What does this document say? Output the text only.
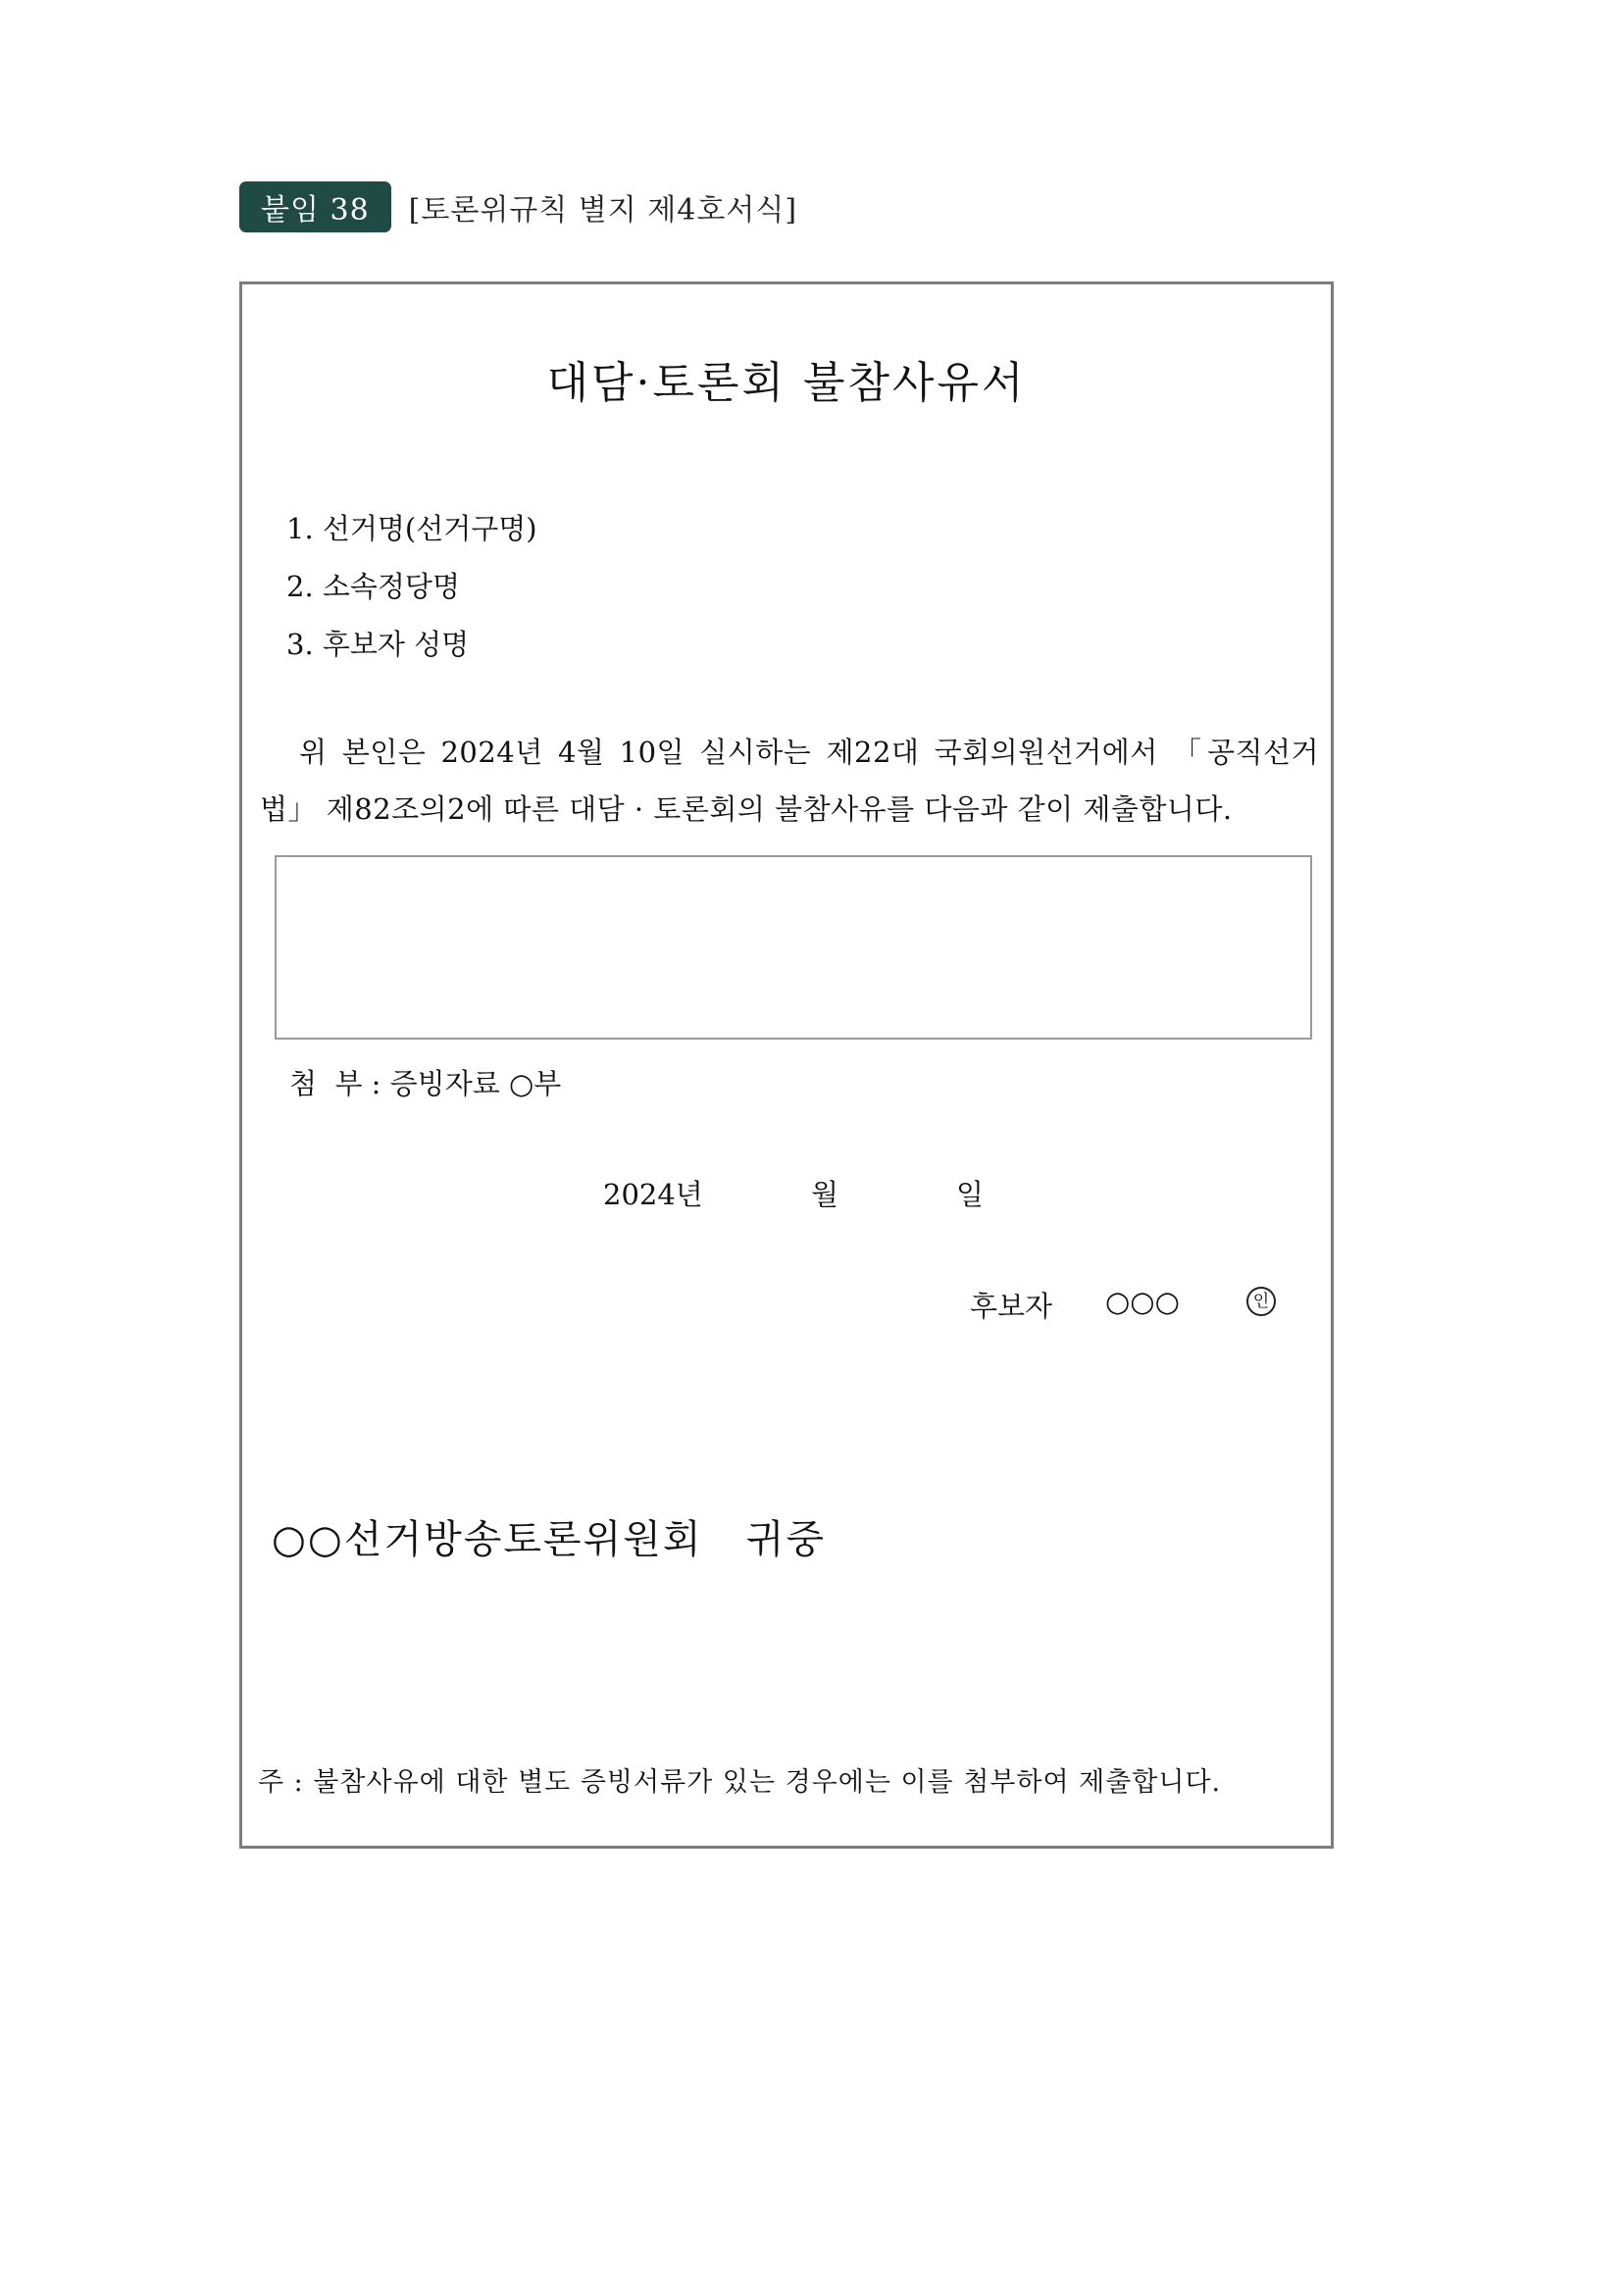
붙임 38	[토론위규칙 별지 제4호서식]
대담·토론회 불참사유서
1. 선거명(선거구명)
2. 소속정당명
3. 후보자 성명
위 본인은 2024년 4월 10일 실시하는 제22대 국회의원선거에서 「공직선거법」 제82조의2에 따른 대담 · 토론회의 불참사유를 다음과 같이 제출합니다.
첨  부 : 증빙자료 ○부
2024년	월	일
후보자 ○○○	인
○○선거방송토론위원회   귀중
주 : 불참사유에 대한 별도 증빙서류가 있는 경우에는 이를 첨부하여 제출합니다.
